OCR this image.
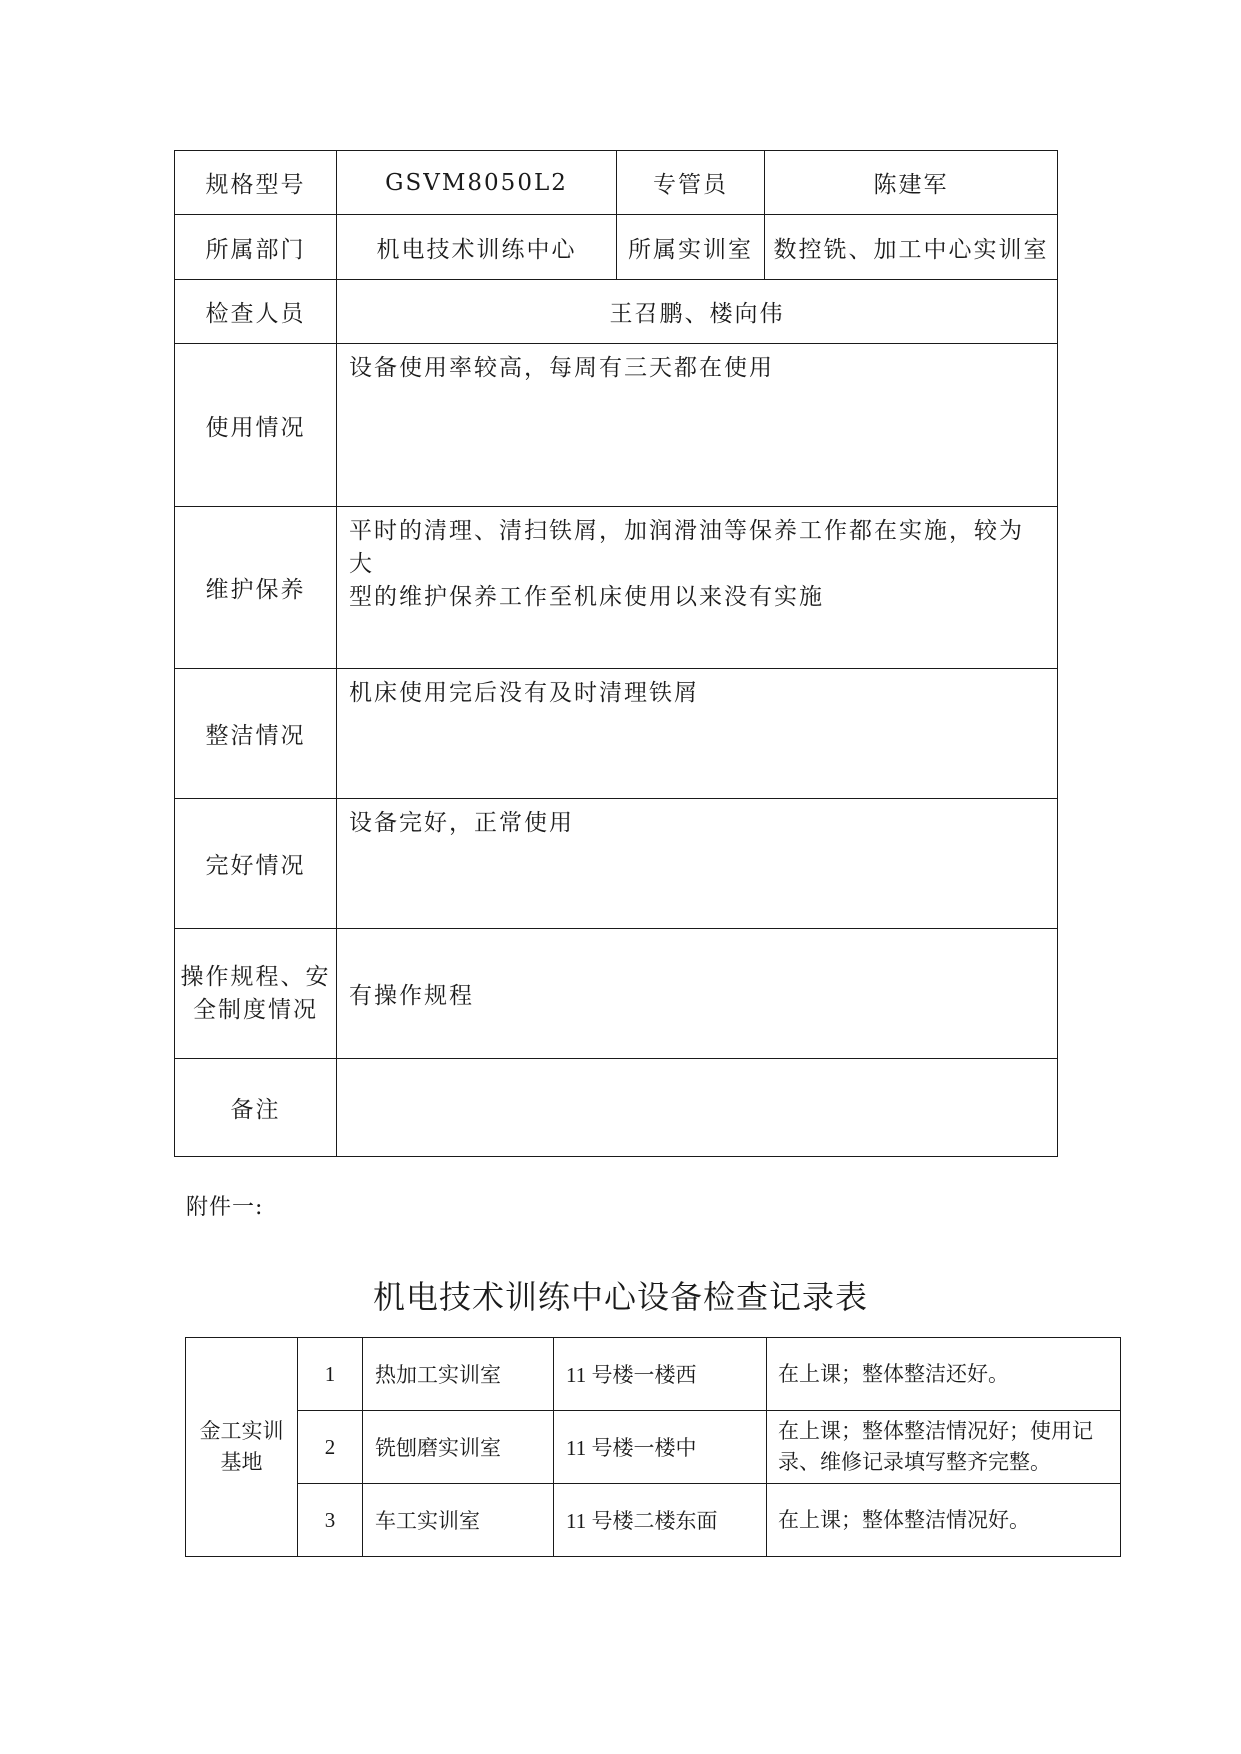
规格型号	GSVM8050L2	专管员	陈建军
所属部门	机电技术训练中心	所属实训室	数控铣、加工中心实训室
检查人员	王召鹏、楼向伟		
使用情况	设备使用率较高，每周有三天都在使用		
维护保养	平时的清理、清扫铁屑，加润滑油等保养工作都在实施，较为大
型的维护保养工作至机床使用以来没有实施		

整洁情况	机床使用完后没有及时清理铁屑		
完好情况	设备完好，正常使用		

操作规程、安
全制度情况	有操作规程		
备注			
附件一:
机电技术训练中心设备检查记录表
金工实训
基地	1	热加工实训室	11 号楼一楼西	在上课；整体整洁还好。

	2	铣刨磨实训室	11 号楼一楼中	在上课；整体整洁情况好；使用记
录、维修记录填写整齐完整。

	3	车工实训室	11 号楼二楼东面	在上课；整体整洁情况好。
